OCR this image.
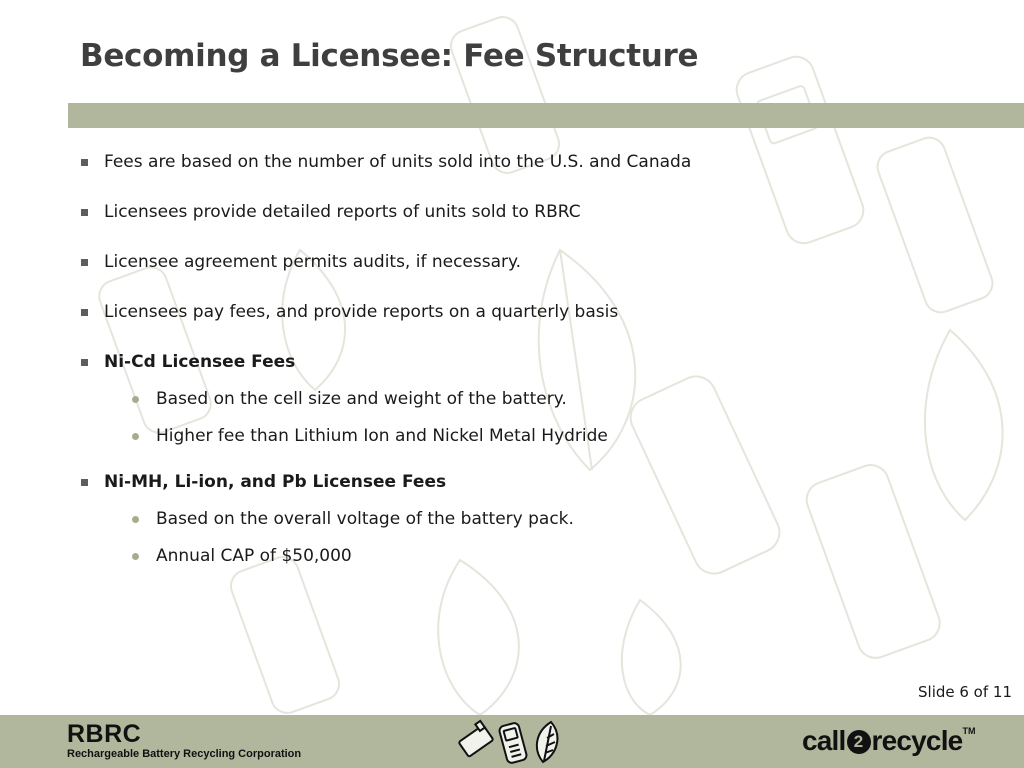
Becoming a Licensee: Fee Structure
Fees are based on the number of units sold into the U.S. and Canada
Licensees provide detailed reports of units sold to RBRC
Licensee agreement permits audits, if necessary.
Licensees pay fees, and provide reports on a quarterly basis
Ni-Cd Licensee Fees
Based on the cell size and weight of the battery.
Higher fee than Lithium Ion and Nickel Metal Hydride
Ni-MH, Li-ion, and Pb Licensee Fees
Based on the overall voltage of the battery pack.
Annual CAP of $50,000
Slide 6 of 11
RBRC
Rechargeable Battery Recycling Corporation	call 2 recycle™
